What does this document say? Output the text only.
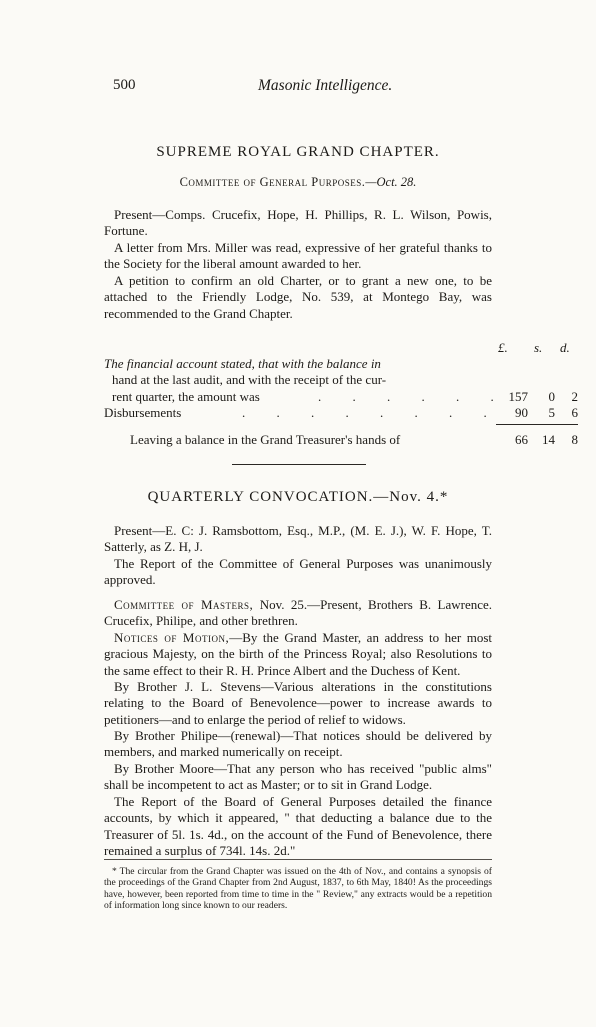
500	Masonic Intelligence.
SUPREME ROYAL GRAND CHAPTER.
Committee of General Purposes.—Oct. 28.
Present—Comps. Crucefix, Hope, H. Phillips, R. L. Wilson, Powis, Fortune.
A letter from Mrs. Miller was read, expressive of her grateful thanks to the Society for the liberal amount awarded to her.
A petition to confirm an old Charter, or to grant a new one, to be attached to the Friendly Lodge, No. 539, at Montego Bay, was recommended to the Grand Chapter.
£. s. d.
The financial account stated, that with the balance in
hand at the last audit, and with the receipt of the cur-
rent quarter, the amount was	. . . . . . 157	0	2
Disbursements	. . . . . . . .	90	5	6
Leaving a balance in the Grand Treasurer's hands of	66	14	8
QUARTERLY CONVOCATION.—Nov. 4.*
Present—E. C: J. Ramsbottom, Esq., M.P., (M. E. J.), W. F. Hope, T. Satterly, as Z. H, J.
The Report of the Committee of General Purposes was unanimously approved.
Committee of Masters, Nov. 25.—Present, Brothers B. Lawrence. Crucefix, Philipe, and other brethren.
Notices of Motion,—By the Grand Master, an address to her most gracious Majesty, on the birth of the Princess Royal; also Resolutions to the same effect to their R. H. Prince Albert and the Duchess of Kent.
By Brother J. L. Stevens—Various alterations in the constitutions relating to the Board of Benevolence—power to increase awards to petitioners—and to enlarge the period of relief to widows.
By Brother Philipe—(renewal)—That notices should be delivered by members, and marked numerically on receipt.
By Brother Moore—That any person who has received "public alms" shall be incompetent to act as Master; or to sit in Grand Lodge.
The Report of the Board of General Purposes detailed the finance accounts, by which it appeared, " that deducting a balance due to the Treasurer of 5l. 1s. 4d., on the account of the Fund of Benevolence, there remained a surplus of 734l. 14s. 2d."
* The circular from the Grand Chapter was issued on the 4th of Nov., and contains a synopsis of the proceedings of the Grand Chapter from 2nd August, 1837, to 6th May, 1840! As the proceedings have, however, been reported from time to time in the " Review," any extracts would be a repetition of information long since known to our readers.
